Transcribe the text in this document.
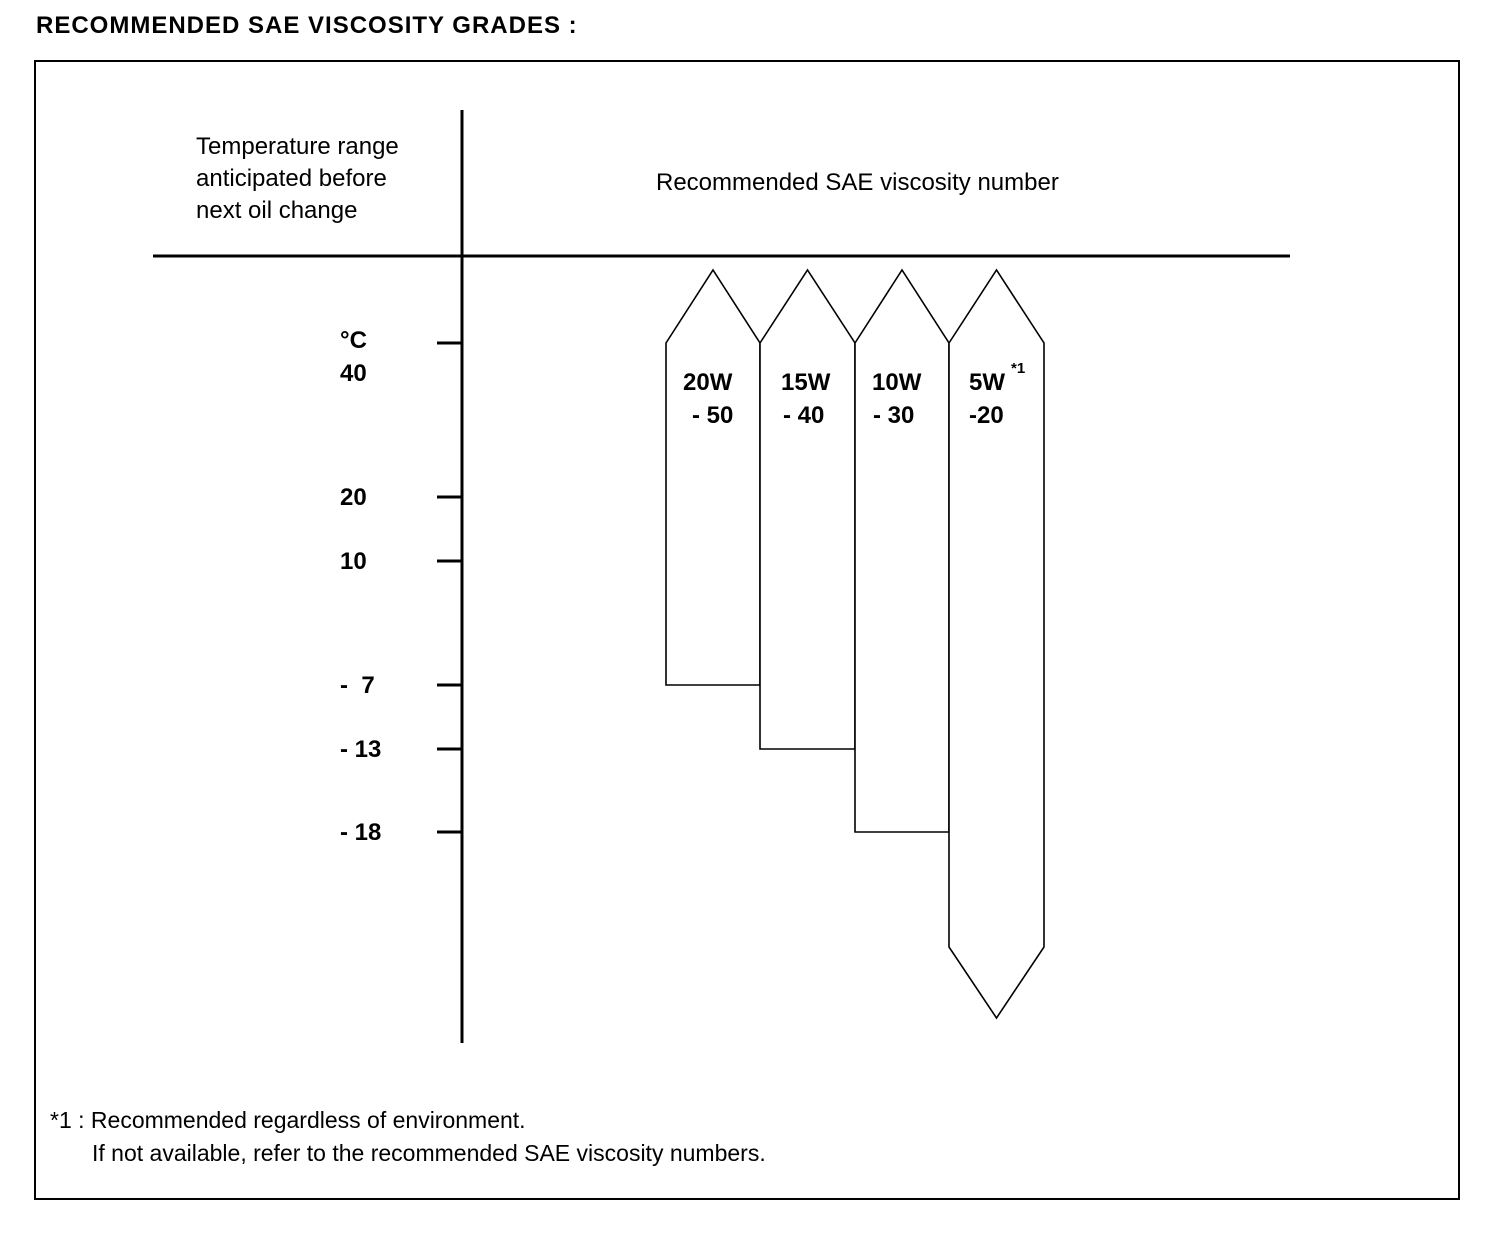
RECOMMENDED SAE VISCOSITY GRADES :
Temperature range
anticipated before
next oil change
Recommended SAE viscosity number
°C
40
20
10
-  7
- 13
- 18
20W
- 50
15W
- 40
10W
- 30
5W
*1
-20
*1 : Recommended regardless of environment.
If not available, refer to the recommended SAE viscosity numbers.
